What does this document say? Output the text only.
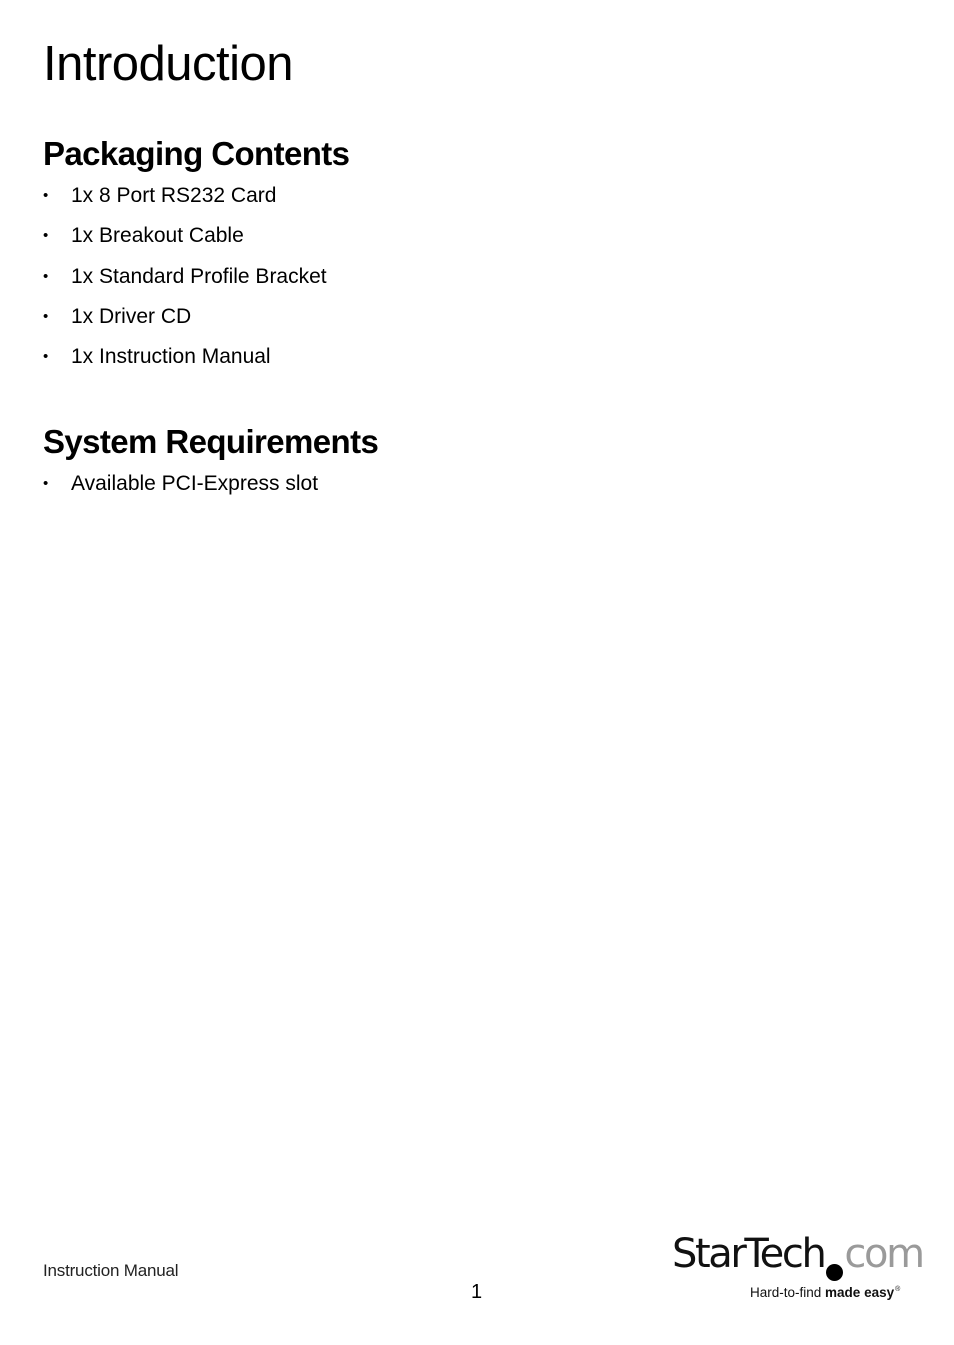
Introduction
Packaging Contents
• 1x 8 Port RS232 Card
• 1x Breakout Cable
• 1x Standard Profile Bracket
• 1x Driver CD
• 1x Instruction Manual
System Requirements
• Available PCI-Express slot
Instruction Manual
1
StarTech com
Hard-to-find made easy®
